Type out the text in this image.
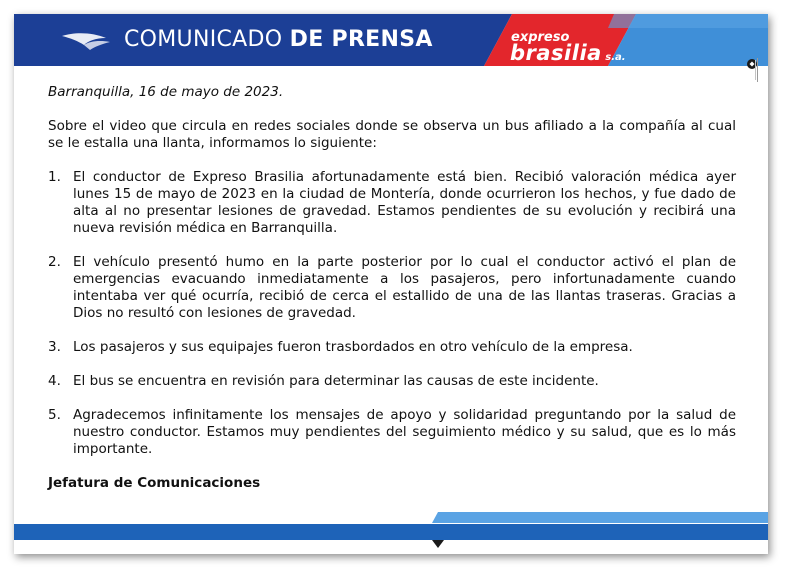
COMUNICADO DE PRENSA	expreso
brasilia s.a.

Barranquilla, 16 de mayo de 2023.

Sobre el video que circula en redes sociales donde se observa un bus afiliado a la compañía al cual se le estalla una llanta, informamos lo siguiente:

1. El conductor de Expreso Brasilia afortunadamente está bien. Recibió valoración médica ayer lunes 15 de mayo de 2023 en la ciudad de Montería, donde ocurrieron los hechos, y fue dado de alta al no presentar lesiones de gravedad. Estamos pendientes de su evolución y recibirá una nueva revisión médica en Barranquilla.
2. El vehículo presentó humo en la parte posterior por lo cual el conductor activó el plan de emergencias evacuando inmediatamente a los pasajeros, pero infortunadamente cuando intentaba ver qué ocurría, recibió de cerca el estallido de una de las llantas traseras. Gracias a Dios no resultó con lesiones de gravedad.
3. Los pasajeros y sus equipajes fueron trasbordados en otro vehículo de la empresa.
4. El bus se encuentra en revisión para determinar las causas de este incidente.
5. Agradecemos infinitamente los mensajes de apoyo y solidaridad preguntando por la salud de nuestro conductor. Estamos muy pendientes del seguimiento médico y su salud, que es lo más importante.

Jefatura de Comunicaciones
